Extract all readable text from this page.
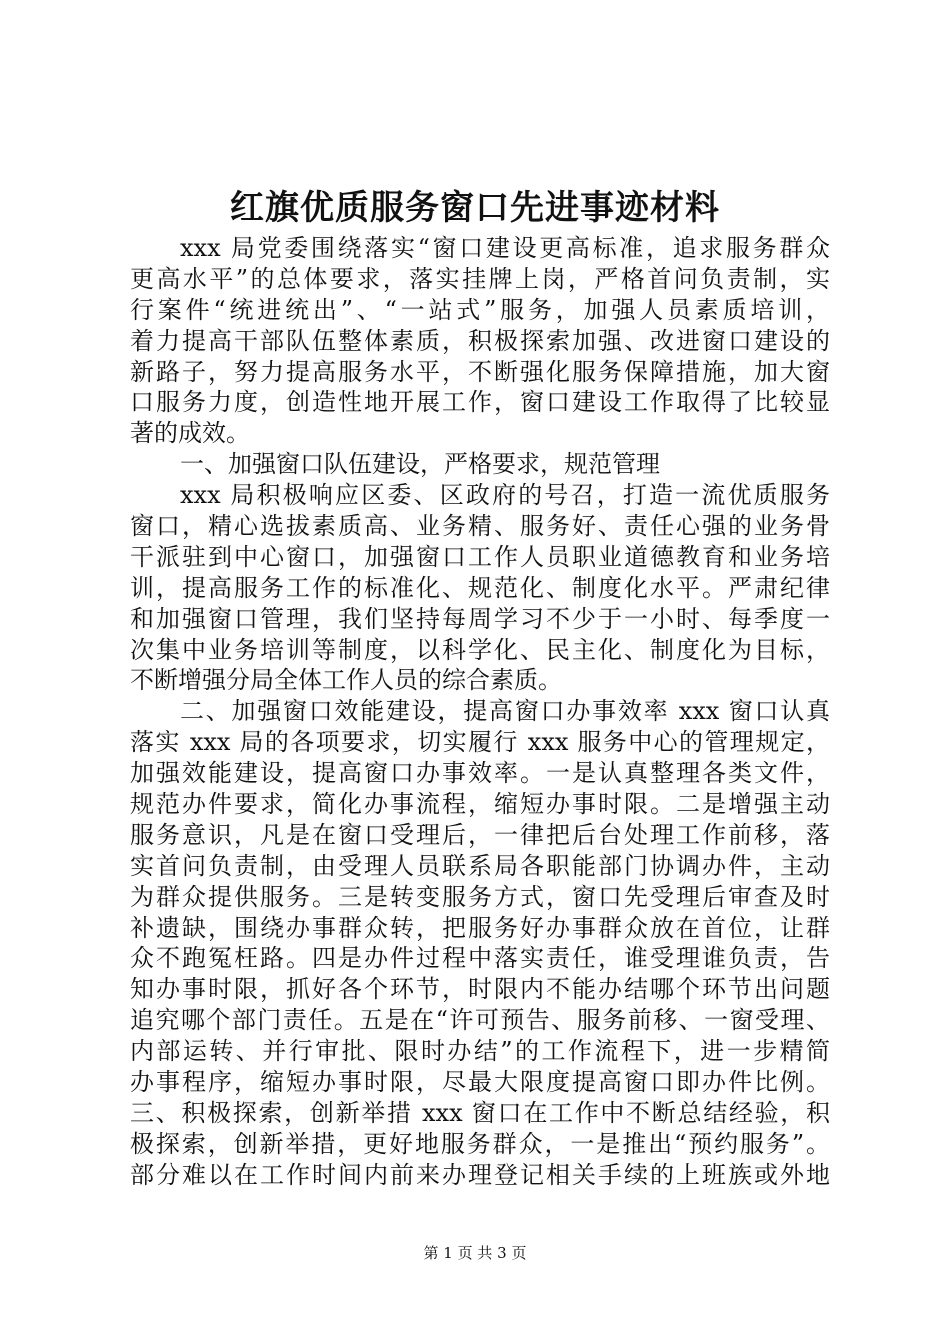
红旗优质服务窗口先进事迹材料
xxx 局党委围绕落实“窗口建设更高标准，追求服务群众
更高水平”的总体要求，落实挂牌上岗，严格首问负责制，实
行案件“统进统出”、“一站式”服务，加强人员素质培训，
着力提高干部队伍整体素质，积极探索加强、改进窗口建设的
新路子，努力提高服务水平，不断强化服务保障措施，加大窗
口服务力度，创造性地开展工作，窗口建设工作取得了比较显
著的成效。
一、加强窗口队伍建设，严格要求，规范管理
xxx 局积极响应区委、区政府的号召，打造一流优质服务
窗口，精心选拔素质高、业务精、服务好、责任心强的业务骨
干派驻到中心窗口，加强窗口工作人员职业道德教育和业务培
训，提高服务工作的标准化、规范化、制度化水平。严肃纪律
和加强窗口管理，我们坚持每周学习不少于一小时、每季度一
次集中业务培训等制度，以科学化、民主化、制度化为目标，
不断增强分局全体工作人员的综合素质。
二、加强窗口效能建设，提高窗口办事效率 xxx 窗口认真
落实 xxx 局的各项要求，切实履行 xxx 服务中心的管理规定，
加强效能建设，提高窗口办事效率。一是认真整理各类文件，
规范办件要求，简化办事流程，缩短办事时限。二是增强主动
服务意识，凡是在窗口受理后，一律把后台处理工作前移，落
实首问负责制，由受理人员联系局各职能部门协调办件，主动
为群众提供服务。三是转变服务方式，窗口先受理后审查及时
补遗缺，围绕办事群众转，把服务好办事群众放在首位，让群
众不跑冤枉路。四是办件过程中落实责任，谁受理谁负责，告
知办事时限，抓好各个环节，时限内不能办结哪个环节出问题
追究哪个部门责任。五是在“许可预告、服务前移、一窗受理、
内部运转、并行审批、限时办结”的工作流程下，进一步精简
办事程序，缩短办事时限，尽最大限度提高窗口即办件比例。
三、积极探索，创新举措 xxx 窗口在工作中不断总结经验，积
极探索，创新举措，更好地服务群众，一是推出“预约服务”。
部分难以在工作时间内前来办理登记相关手续的上班族或外地
第 1 页 共 3 页
